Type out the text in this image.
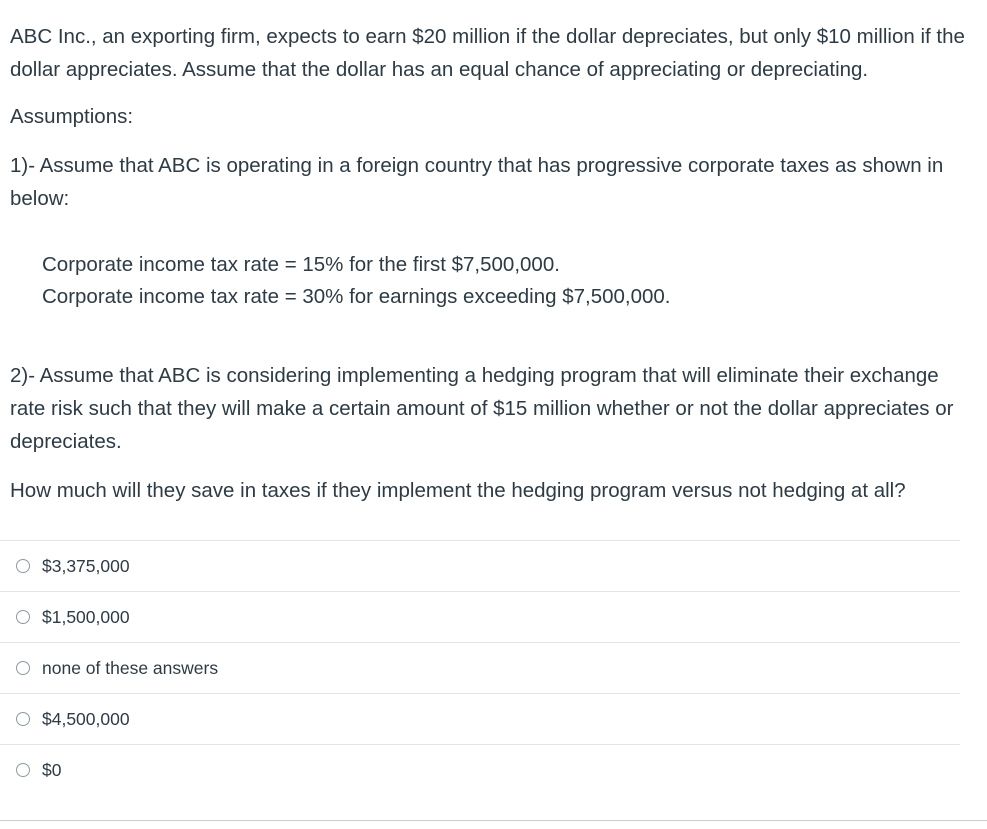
ABC Inc., an exporting firm, expects to earn $20 million if the dollar depreciates, but only $10 million if the dollar appreciates. Assume that the dollar has an equal chance of appreciating or depreciating.

Assumptions:

1)- Assume that ABC is operating in a foreign country that has progressive corporate taxes as shown in below:

Corporate income tax rate = 15% for the first $7,500,000.

Corporate income tax rate = 30% for earnings exceeding $7,500,000.

2)- Assume that ABC is considering implementing a hedging program that will eliminate their exchange rate risk such that they will make a certain amount of $15 million whether or not the dollar appreciates or depreciates.

How much will they save in taxes if they implement the hedging program versus not hedging at all?

$3,375,000
$1,500,000
none of these answers
$4,500,000
$0
